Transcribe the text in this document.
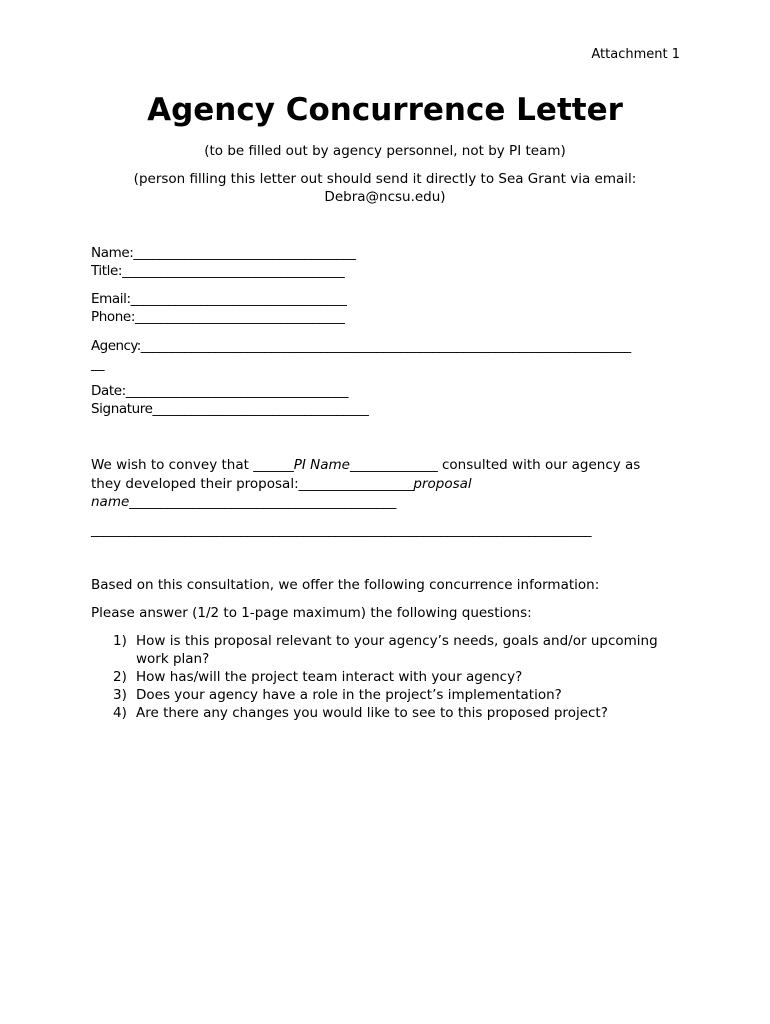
Attachment 1
Agency Concurrence Letter
(to be filled out by agency personnel, not by PI team)
(person filling this letter out should send it directly to Sea Grant via email:
Debra@ncsu.edu)
Name:___________________________________
Title:___________________________________
Email:__________________________________
Phone:_________________________________
Agency:_______________________________________________________________________________
__
Date:___________________________________
Signature__________________________________
We wish to convey that ______PI Name_____________ consulted with our agency as
they developed their proposal:_________________proposal
name__________________________________________
________________________________________________________________________________
Based on this consultation, we offer the following concurrence information:
Please answer (1/2 to 1-page maximum) the following questions:
1) How is this proposal relevant to your agency’s needs, goals and/or upcoming work plan?
2) How has/will the project team interact with your agency?
3) Does your agency have a role in the project’s implementation?
4) Are there any changes you would like to see to this proposed project?
